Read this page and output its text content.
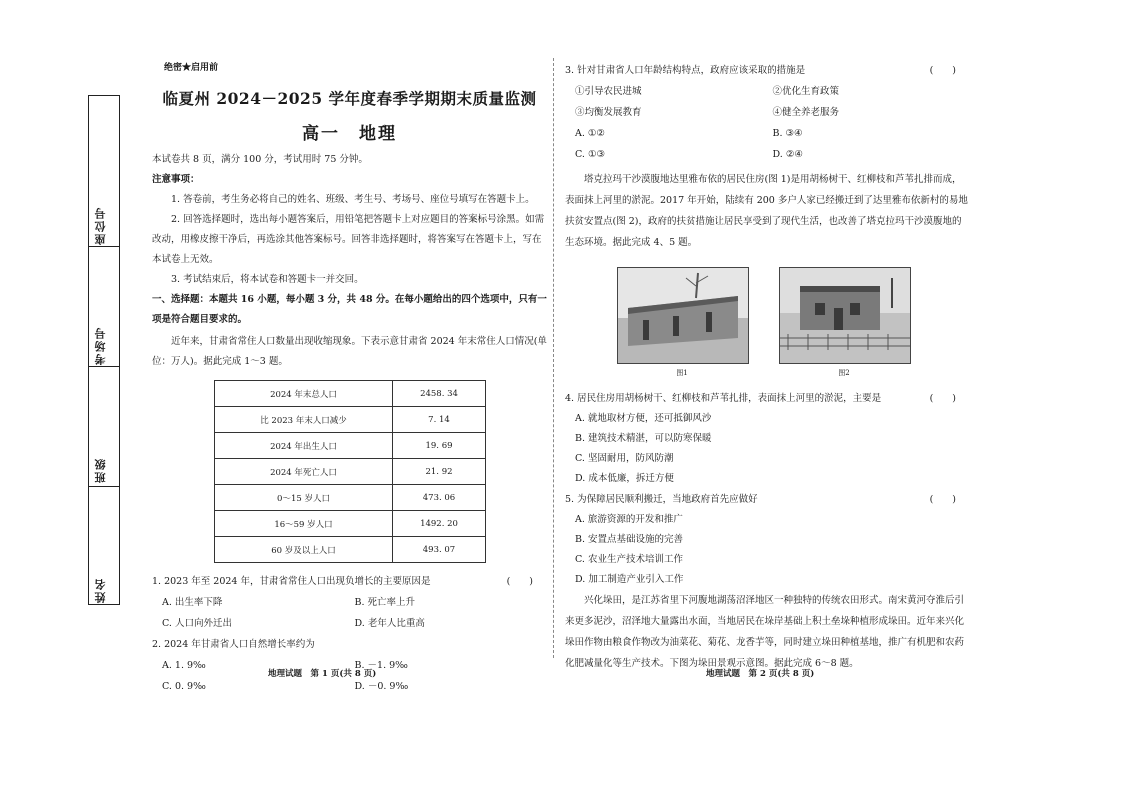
座位号
考场号
班级
姓名
绝密★启用前
临夏州 2024－2025 学年度春季学期期末质量监测
高一　地理

本试卷共 8 页，满分 100 分，考试用时 75 分钟。

注意事项：

1. 答卷前，考生务必将自己的姓名、班级、考生号、考场号、座位号填写在答题卡上。

2. 回答选择题时，选出每小题答案后，用铅笔把答题卡上对应题目的答案标号涂黑。如需改动，用橡皮擦干净后，再选涂其他答案标号。回答非选择题时，将答案写在答题卡上，写在本试卷上无效。

3. 考试结束后，将本试卷和答题卡一并交回。

一、选择题：本题共 16 小题，每小题 3 分，共 48 分。在每小题给出的四个选项中，只有一项是符合题目要求的。

近年来，甘肃省常住人口数量出现收缩现象。下表示意甘肃省 2024 年末常住人口情况(单位：万人)。据此完成 1～3 题。

2024 年末总人口	2458. 34
比 2023 年末人口减少	7. 14
2024 年出生人口	19. 69
2024 年死亡人口	21. 92
0～15 岁人口	473. 06
16～59 岁人口	1492. 20
60 岁及以上人口	493. 07
1. 2023 年至 2024 年，甘肃省常住人口出现负增长的主要原因是	(　　)
A. 出生率下降	B. 死亡率上升
C. 人口向外迁出	D. 老年人比重高
2. 2024 年甘肃省人口自然增长率约为
A. 1. 9‰	B. －1. 9‰
C. 0. 9‰	D. －0. 9‰
地理试题　第 1 页(共 8 页)
3. 针对甘肃省人口年龄结构特点，政府应该采取的措施是	(　　)
①引导农民进城	②优化生育政策
③均衡发展教育	④健全养老服务
A. ①②	B. ③④
C. ①③	D. ②④

塔克拉玛干沙漠腹地达里雅布依的居民住房(图 1)是用胡杨树干、红柳枝和芦苇扎排而成，表面抹上河里的淤泥。2017 年开始，陆续有 200 多户人家已经搬迁到了达里雅布依新村的易地扶贫安置点(图 2)，政府的扶贫措施让居民享受到了现代生活，也改善了塔克拉玛干沙漠腹地的生态环境。据此完成 4、5 题。

图1	图2
4. 居民住房用胡杨树干、红柳枝和芦苇扎排，表面抹上河里的淤泥，主要是	(　　)
A. 就地取材方便，还可抵御风沙
B. 建筑技术精湛，可以防寒保暖
C. 坚固耐用，防风防潮
D. 成本低廉，拆迁方便
5. 为保障居民顺利搬迁，当地政府首先应做好	(　　)
A. 旅游资源的开发和推广
B. 安置点基础设施的完善
C. 农业生产技术培训工作
D. 加工制造产业引入工作

兴化垛田，是江苏省里下河腹地湖荡沼泽地区一种独特的传统农田形式。南宋黄河夺淮后引来更多泥沙，沼泽地大量露出水面，当地居民在垛岸基础上积土垒垛种植形成垛田。近年来兴化垛田作物由粮食作物改为油菜花、菊花、龙香芋等，同时建立垛田种植基地，推广有机肥和农药化肥减量化等生产技术。下图为垛田景观示意图。据此完成 6～8 题。

地理试题　第 2 页(共 8 页)
